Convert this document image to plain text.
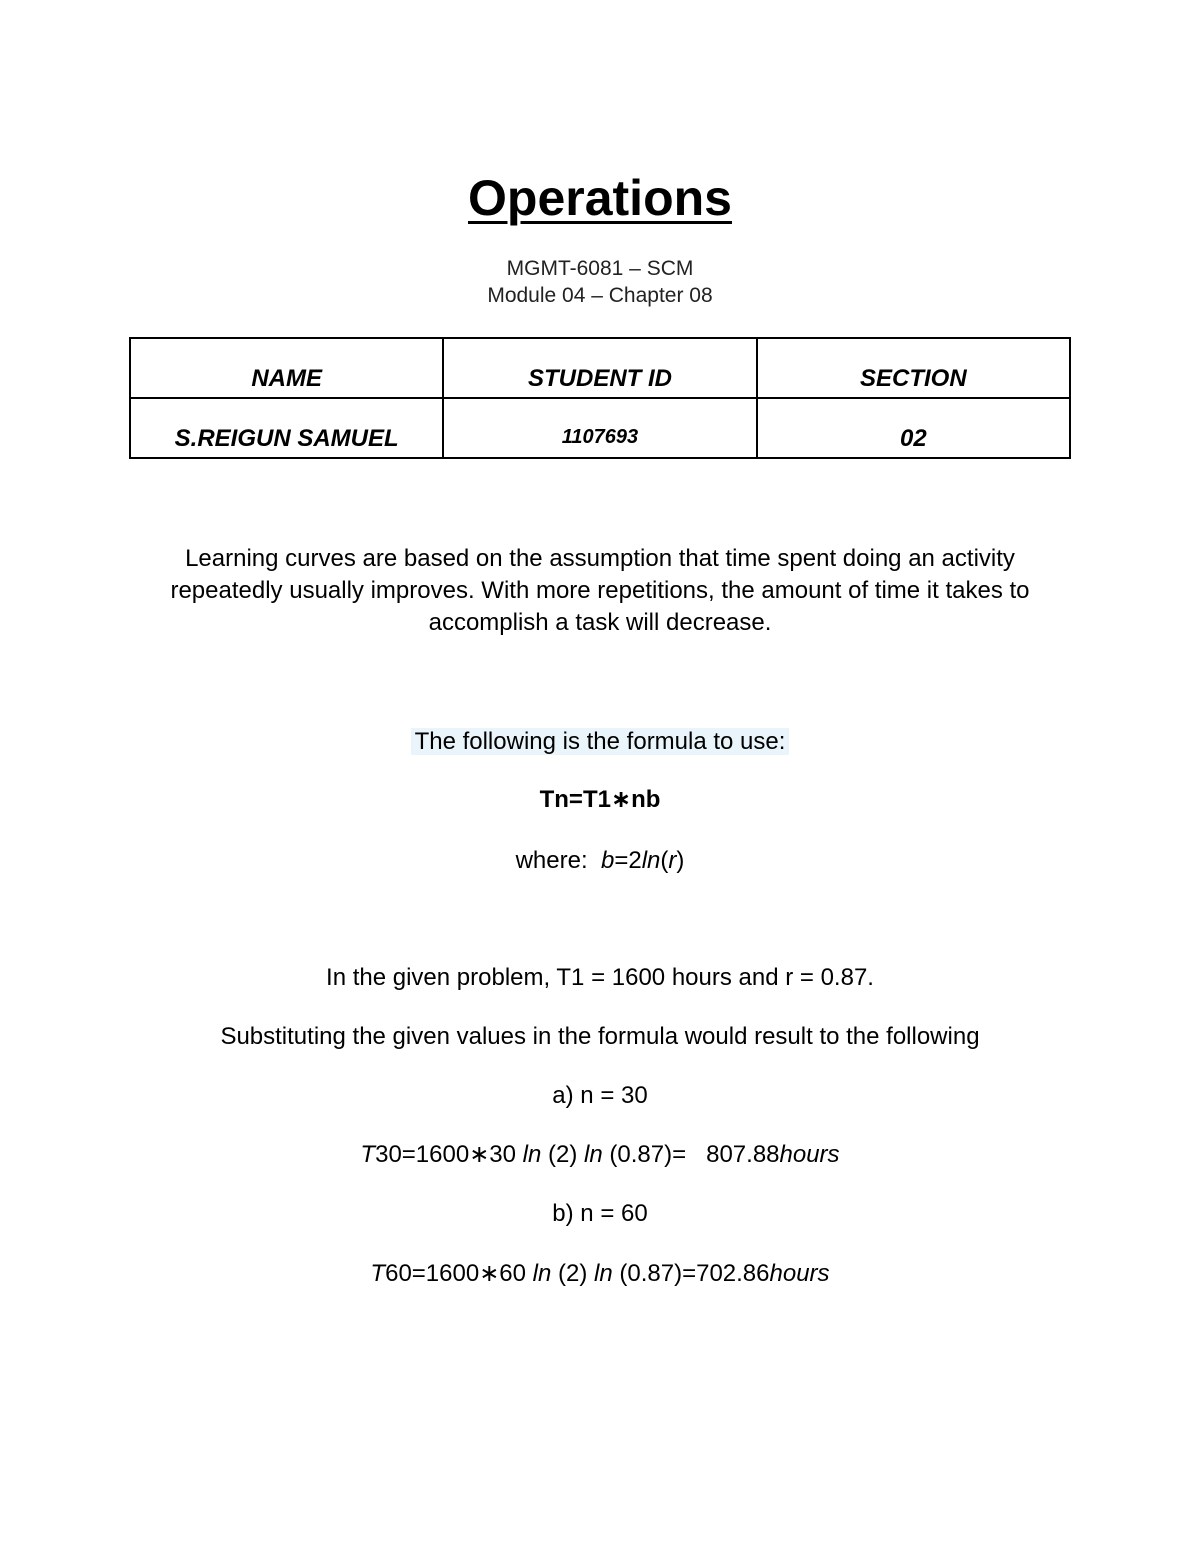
Operations
MGMT-6081 – SCM
Module 04 – Chapter 08
NAME	STUDENT ID	SECTION
S.REIGUN SAMUEL	1107693	02
Learning curves are based on the assumption that time spent doing an activity repeatedly usually improves. With more repetitions, the amount of time it takes to accomplish a task will decrease.
The following is the formula to use:
Tn=T1∗nb
where: b=2ln(r)
In the given problem, T1 = 1600 hours and r = 0.87.
Substituting the given values in the formula would result to the following
a) n = 30
T30=1600∗30 ln (2) ln (0.87)=   807.88hours
b) n = 60
T60=1600∗60 ln (2) ln (0.87)=702.86hours
